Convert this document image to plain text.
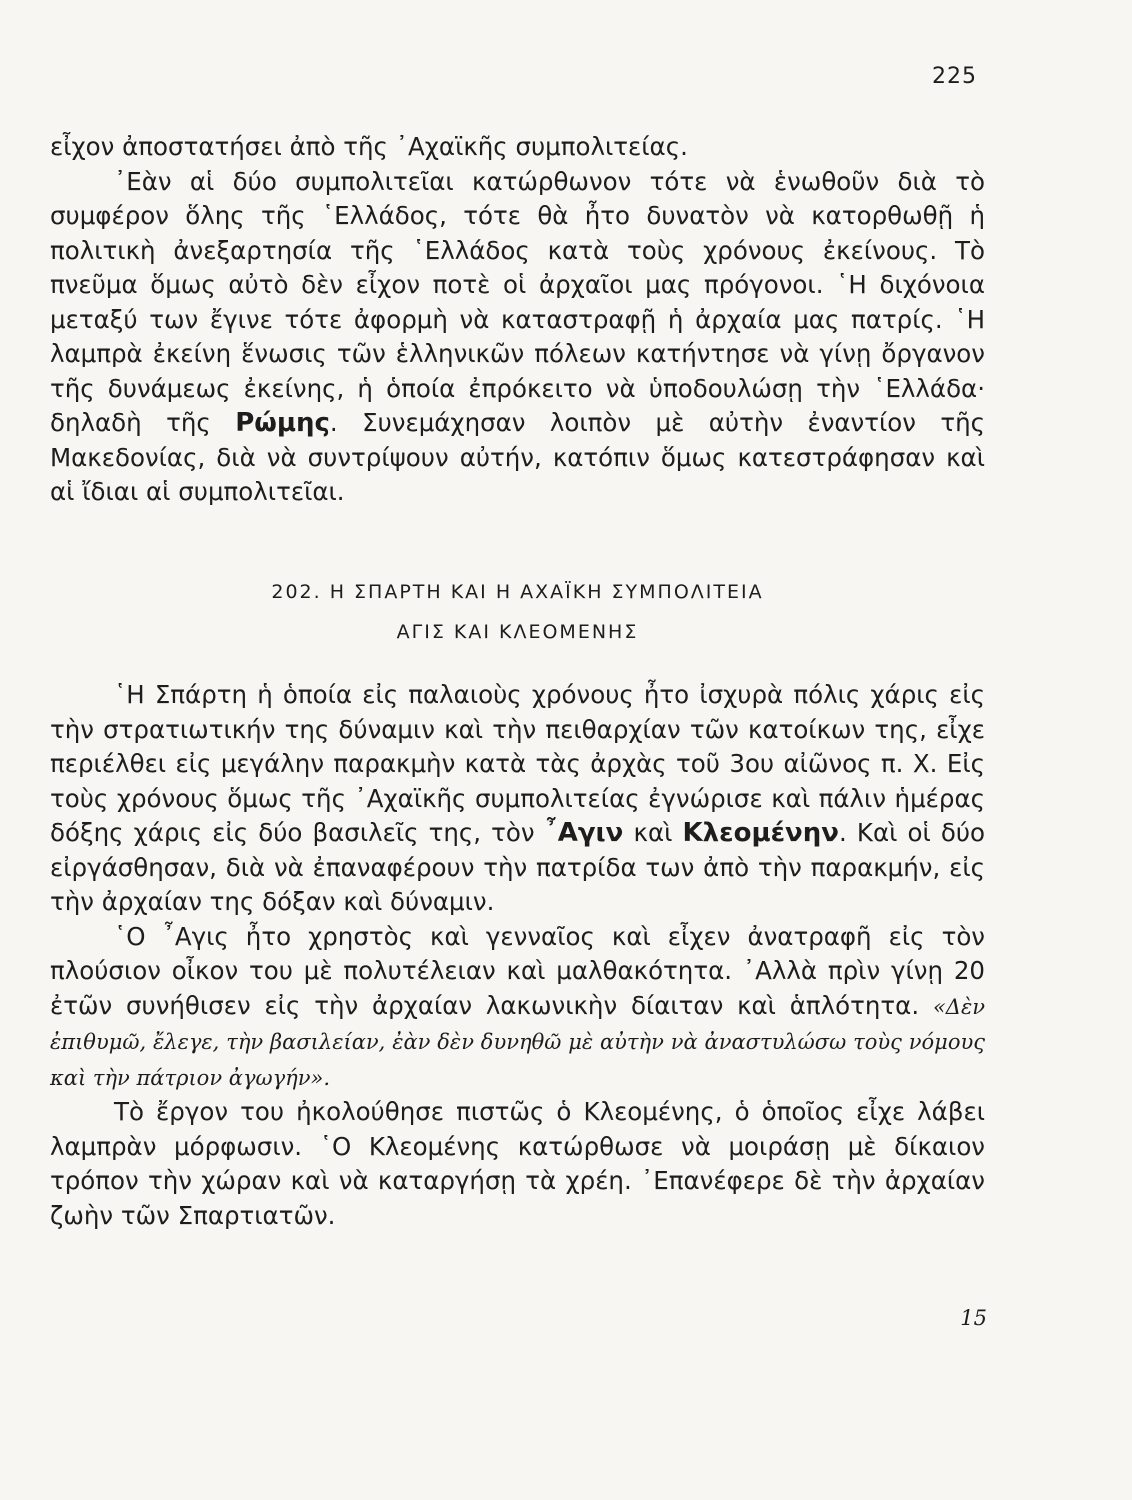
225

εἶχον ἀποστατήσει ἀπὸ τῆς ᾿Αχαϊκῆς συμπολιτείας.

᾿Εὰν αἱ δύο συμπολιτεῖαι κατώρθωνον τότε νὰ ἑνωθοῦν διὰ τὸ συμφέρον ὅλης τῆς ῾Ελλάδος, τότε θὰ ἦτο δυνατὸν νὰ κατορθωθῇ ἡ πολιτικὴ ἀνεξαρτησία τῆς ῾Ελλάδος κατὰ τοὺς χρόνους ἐκείνους. Τὸ πνεῦμα ὅμως αὐτὸ δὲν εἶχον ποτὲ οἱ ἀρχαῖοι μας πρόγονοι. ῾Η διχόνοια μεταξύ των ἔγινε τότε ἀφορμὴ νὰ καταστραφῇ ἡ ἀρχαία μας πατρίς. ῾Η λαμπρὰ ἐκείνη ἕνωσις τῶν ἑλληνικῶν πόλεων κατήντησε νὰ γίνῃ ὄργανον τῆς δυνάμεως ἐκείνης, ἡ ὁποία ἐπρόκειτο νὰ ὑποδουλώσῃ τὴν ῾Ελλάδα· δηλαδὴ τῆς Ρώμης. Συνεμάχησαν λοιπὸν μὲ αὐτὴν ἐναντίον τῆς Μακεδονίας, διὰ νὰ συντρίψουν αὐτήν, κατόπιν ὅμως κατεστράφησαν καὶ αἱ ἴδιαι αἱ συμπολιτεῖαι.

202. Η ΣΠΑΡΤΗ ΚΑΙ Η ΑΧΑΪΚΗ ΣΥΜΠΟΛΙΤΕΙΑ
ΑΓΙΣ ΚΑΙ ΚΛΕΟΜΕΝΗΣ

῾Η Σπάρτη ἡ ὁποία εἰς παλαιοὺς χρόνους ἦτο ἰσχυρὰ πόλις χάρις εἰς τὴν στρατιωτικήν της δύναμιν καὶ τὴν πειθαρχίαν τῶν κατοίκων της, εἶχε περιέλθει εἰς μεγάλην παρακμὴν κατὰ τὰς ἀρχὰς τοῦ 3ου αἰῶνος π. Χ. Εἰς τοὺς χρόνους ὅμως τῆς ᾿Αχαϊκῆς συμπολιτείας ἐγνώρισε καὶ πάλιν ἡμέρας δόξης χάρις εἰς δύο βασιλεῖς της, τὸν ῏Αγιν καὶ Κλεομένην. Καὶ οἱ δύο εἰργάσθησαν, διὰ νὰ ἐπαναφέρουν τὴν πατρίδα των ἀπὸ τὴν παρακμήν, εἰς τὴν ἀρχαίαν της δόξαν καὶ δύναμιν.

῾Ο ῏Αγις ἦτο χρηστὸς καὶ γενναῖος καὶ εἶχεν ἀνατραφῆ εἰς τὸν πλούσιον οἶκον του μὲ πολυτέλειαν καὶ μαλθακότητα. ᾿Αλλὰ πρὶν γίνῃ 20 ἐτῶν συνήθισεν εἰς τὴν ἀρχαίαν λακωνικὴν δίαιταν καὶ ἁπλότητα. «Δὲν ἐπιθυμῶ, ἔλεγε, τὴν βασιλείαν, ἐὰν δὲν δυνηθῶ μὲ αὐτὴν νὰ ἀναστυλώσω τοὺς νόμους καὶ τὴν πάτριον ἀγωγήν».

Τὸ ἔργον του ἠκολούθησε πιστῶς ὁ Κλεομένης, ὁ ὁποῖος εἶχε λάβει λαμπρὰν μόρφωσιν. ῾Ο Κλεομένης κατώρθωσε νὰ μοιράσῃ μὲ δίκαιον τρόπον τὴν χώραν καὶ νὰ καταργήσῃ τὰ χρέη. ᾿Επανέφερε δὲ τὴν ἀρχαίαν ζωὴν τῶν Σπαρτιατῶν.

15
